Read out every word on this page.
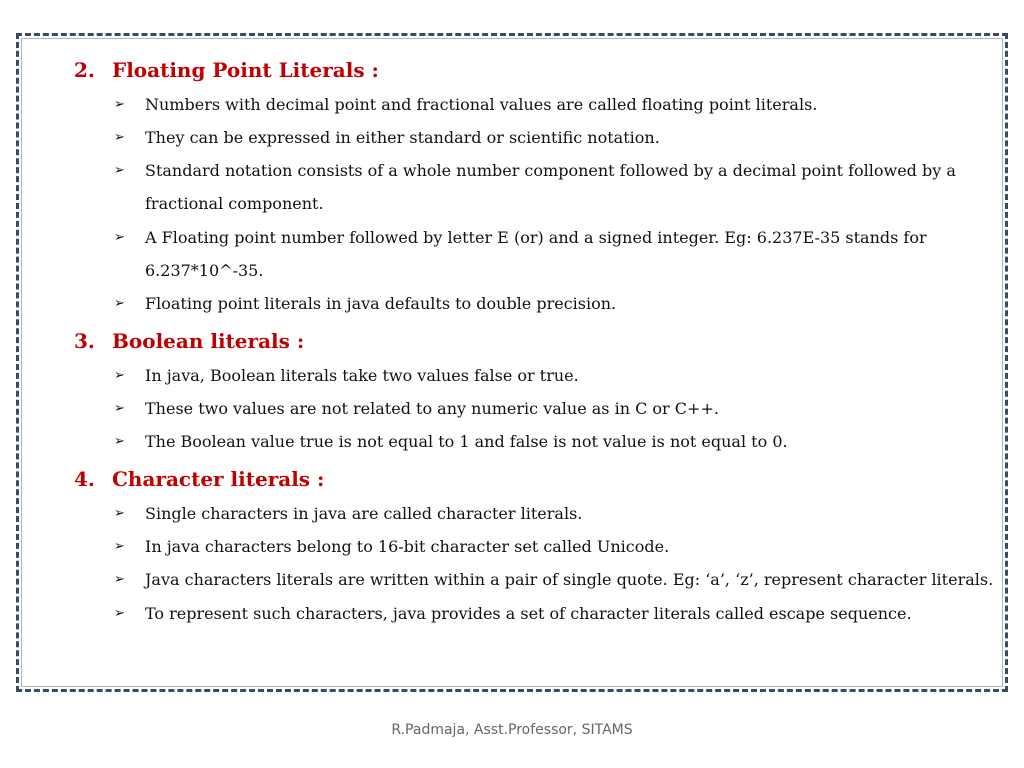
2. Floating Point Literals :
➢ Numbers with decimal point and fractional values are called floating point literals.
➢ They can be expressed in either standard or scientific notation.
➢ Standard notation consists of a whole number component followed by a decimal point followed by a
fractional component.
➢ A Floating point number followed by letter E (or) and a signed integer. Eg: 6.237E-35 stands for
6.237*10^-35.
➢ Floating point literals in java defaults to double precision.
3. Boolean literals :
➢ In java, Boolean literals take two values false or true.
➢ These two values are not related to any numeric value as in C or C++.
➢ The Boolean value true is not equal to 1 and false is not value is not equal to 0.
4. Character literals :
➢ Single characters in java are called character literals.
➢ In java characters belong to 16-bit character set called Unicode.
➢ Java characters literals are written within a pair of single quote. Eg: ‘a’, ‘z’, represent character literals.
➢ To represent such characters, java provides a set of character literals called escape sequence.
R.Padmaja, Asst.Professor, SITAMS
